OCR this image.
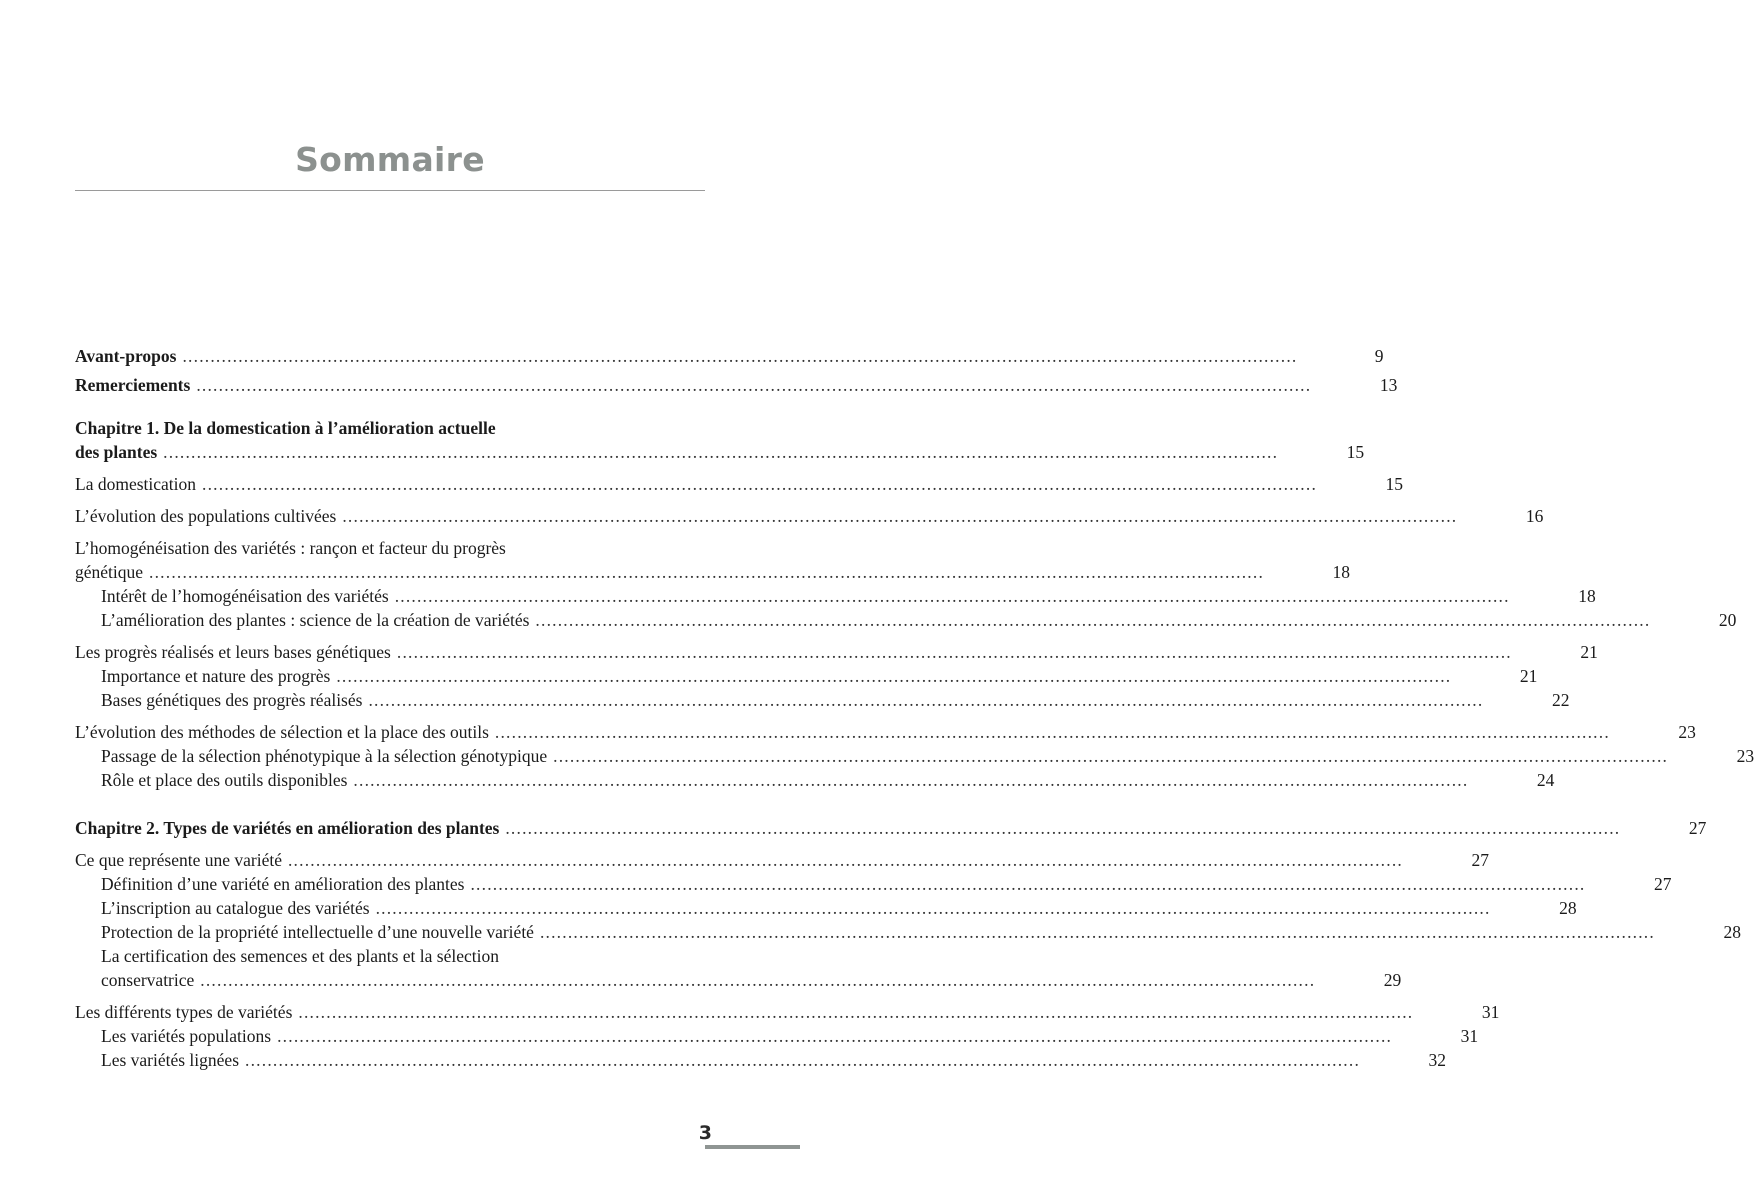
Sommaire
Avant-propos ........................................................................................................................................................................................................	9
Remerciements ........................................................................................................................................................................................................	13
Chapitre 1. De la domestication à l’amélioration actuelle
des plantes ........................................................................................................................................................................................................	15
La domestication ........................................................................................................................................................................................................	15
L’évolution des populations cultivées ........................................................................................................................................................................................................	16
L’homogénéisation des variétés : rançon et facteur du progrès
génétique ........................................................................................................................................................................................................	18
Intérêt de l’homogénéisation des variétés ........................................................................................................................................................................................................	18
L’amélioration des plantes : science de la création de variétés ........................................................................................................................................................................................................	20
Les progrès réalisés et leurs bases génétiques ........................................................................................................................................................................................................	21
Importance et nature des progrès ........................................................................................................................................................................................................	21
Bases génétiques des progrès réalisés ........................................................................................................................................................................................................	22
L’évolution des méthodes de sélection et la place des outils ........................................................................................................................................................................................................	23
Passage de la sélection phénotypique à la sélection génotypique ........................................................................................................................................................................................................	23
Rôle et place des outils disponibles ........................................................................................................................................................................................................	24
Chapitre 2. Types de variétés en amélioration des plantes ........................................................................................................................................................................................................	27
Ce que représente une variété ........................................................................................................................................................................................................	27
Définition d’une variété en amélioration des plantes ........................................................................................................................................................................................................	27
L’inscription au catalogue des variétés ........................................................................................................................................................................................................	28
Protection de la propriété intellectuelle d’une nouvelle variété ........................................................................................................................................................................................................	28
La certification des semences et des plants et la sélection
conservatrice ........................................................................................................................................................................................................	29
Les différents types de variétés ........................................................................................................................................................................................................	31
Les variétés populations ........................................................................................................................................................................................................	31
Les variétés lignées ........................................................................................................................................................................................................	32
3
